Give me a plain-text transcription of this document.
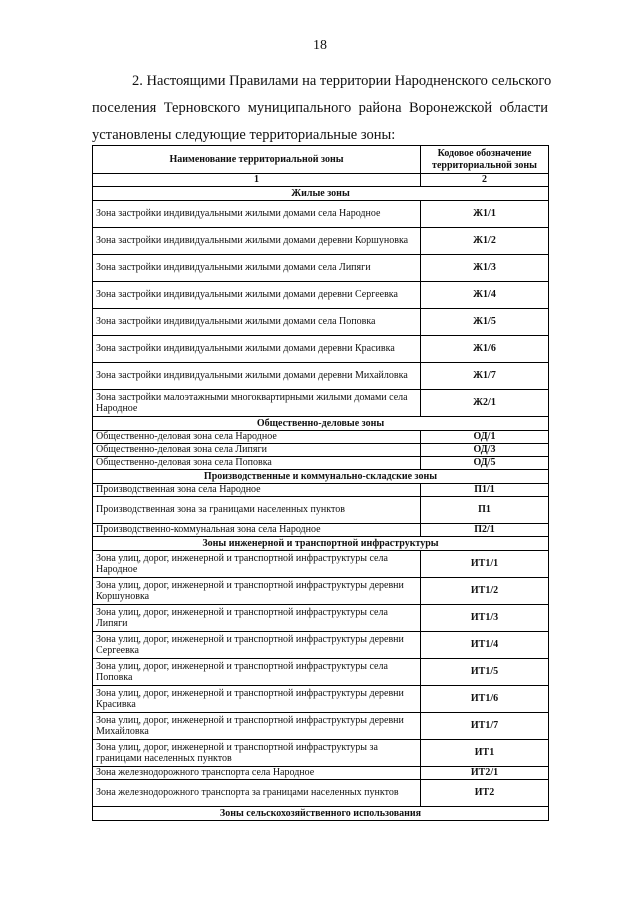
18
2. Настоящими Правилами на территории Народненского сельского
поселения Терновского муниципального района Воронежской области
установлены следующие территориальные зоны:
Наименование территориальной зоны	Кодовое обозначение территориальной зоны
1	2
Жилые зоны	
Зона застройки индивидуальными жилыми домами села Народное	Ж1/1
Зона застройки индивидуальными жилыми домами деревни Коршуновка	Ж1/2
Зона застройки индивидуальными жилыми домами села Липяги	Ж1/3
Зона застройки индивидуальными жилыми домами деревни Сергеевка	Ж1/4
Зона застройки индивидуальными жилыми домами села Поповка	Ж1/5
Зона застройки индивидуальными жилыми домами деревни Красивка	Ж1/6
Зона застройки индивидуальными жилыми домами деревни Михайловка	Ж1/7
Зона застройки малоэтажными многоквартирными жилыми домами села Народное	Ж2/1
Общественно-деловые зоны	
Общественно-деловая зона села Народное	ОД/1
Общественно-деловая зона села Липяги	ОД/3
Общественно-деловая зона села Поповка	ОД/5
Производственные и коммунально-складские зоны	
Производственная зона села Народное	П1/1
Производственная зона за границами населенных пунктов	П1
Производственно-коммунальная зона села Народное	П2/1
Зоны инженерной и транспортной инфраструктуры	
Зона улиц, дорог, инженерной и транспортной инфраструктуры села Народное	ИТ1/1
Зона улиц, дорог, инженерной и транспортной инфраструктуры деревни Коршуновка	ИТ1/2
Зона улиц, дорог, инженерной и транспортной инфраструктуры села Липяги	ИТ1/3
Зона улиц, дорог, инженерной и транспортной инфраструктуры деревни Сергеевка	ИТ1/4
Зона улиц, дорог, инженерной и транспортной инфраструктуры села Поповка	ИТ1/5
Зона улиц, дорог, инженерной и транспортной инфраструктуры деревни Красивка	ИТ1/6
Зона улиц, дорог, инженерной и транспортной инфраструктуры деревни Михайловка	ИТ1/7
Зона улиц, дорог, инженерной и транспортной инфраструктуры за границами населенных пунктов	ИТ1
Зона железнодорожного транспорта села Народное	ИТ2/1
Зона железнодорожного транспорта за границами населенных пунктов	ИТ2
Зоны сельскохозяйственного использования	
